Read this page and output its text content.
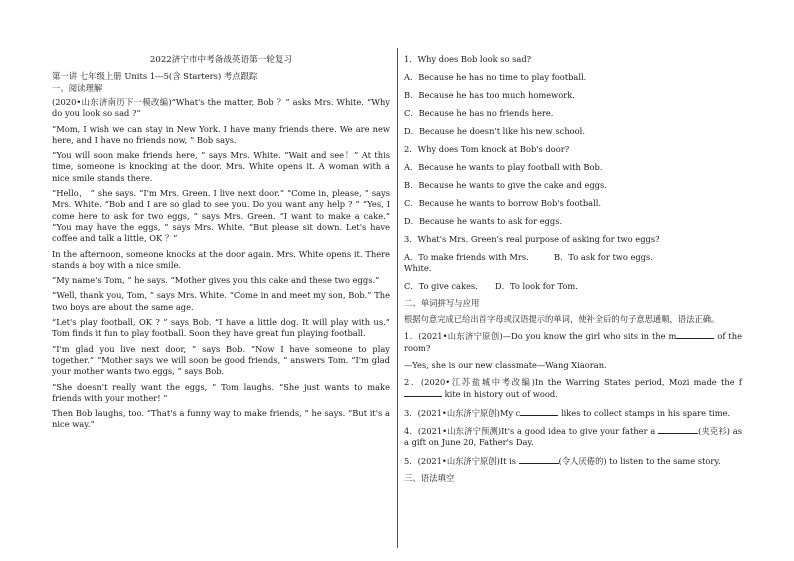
2022济宁市中考备战英语第一轮复习
第一讲 七年级上册 Units 1---5(含 Starters) 考点跟踪
一、阅读理解

(2020•山东济南历下一模改编)“What's the matter, Bob ？” asks Mrs. White. “Why do you look so sad ?”

“Mom, I wish we can stay in New York. I have many friends there. We are new here, and I have no friends now, ” Bob says.

“You will soon make friends here, ” says Mrs. White. “Wait and see！” At this time, someone is knocking at the door. Mrs. White opens it. A woman with a nice smile stands there.

“Hello， ” she says. “I'm Mrs. Green. I live next door.” “Come in, please, ” says Mrs. White. “Bob and I are so glad to see you. Do you want any help ? ” “Yes, I come here to ask for two eggs, ” says Mrs. Green. “I want to make a cake.” “You may have the eggs, ” says Mrs. White. “But please sit down. Let's have coffee and talk a little, OK ？”

In the afternoon, someone knocks at the door again. Mrs. White opens it. There stands a boy with a nice smile.

“My name's Tom, ” he says. “Mother gives you this cake and these two eggs.”

“Well, thank you, Tom, ” says Mrs. White. “Come in and meet my son, Bob.” The two boys are about the same age.

“Let's play football, OK ? ” says Bob. “I have a little dog. It will play with us.” Tom finds it fun to play football. Soon they have great fun playing football.

“I'm glad you live next door, ” says Bob. “Now I have someone to play together.” “Mother says we will soon be good friends, ” answers Tom. “I'm glad your mother wants two eggs, ” says Bob.

“She doesn't really want the eggs, ” Tom laughs. “She just wants to make friends with your mother! ”

Then Bob laughs, too. “That's a funny way to make friends, ” he says. “But it's a nice way.”

1．Why does Bob look so sad?
A．Because he has no time to play football.
B．Because he has too much homework.
C．Because he has no friends here.
D．Because he doesn't like his new school.
2．Why does Tom knock at Bob's door?
A．Because he wants to play football with Bob.
B．Because he wants to give the cake and eggs.
C．Because he wants to borrow Bob's football.
D．Because he wants to ask for eggs.
3．What's Mrs. Green's real purpose of asking for two eggs?
A．To make friends with Mrs. White.
B．To ask for two eggs.
C．To give cakes.	D．To look for Tom.
二、单词拼写与应用

根据句意完成已给出首字母或汉语提示的单词，使补全后的句子意思通顺，语法正确。

1．(2021•山东济宁原创)—Do you know the girl who sits in the m	of the room?

—Yes, she is our new classmate—Wang Xiaoran.

2．(2020•江苏盐城中考改编)In the Warring States period, Mozi made the f kite in history out of wood.

3．(2021•山东济宁原创)My c	likes to collect stamps in his spare time.

4．(2021•山东济宁预测)It's a good idea to give your father a	(夹克衫) as a gift on June 20, Father's Day.

5．(2021•山东济宁原创)It is	(令人厌倦的) to listen to the same story.

三、语法填空
